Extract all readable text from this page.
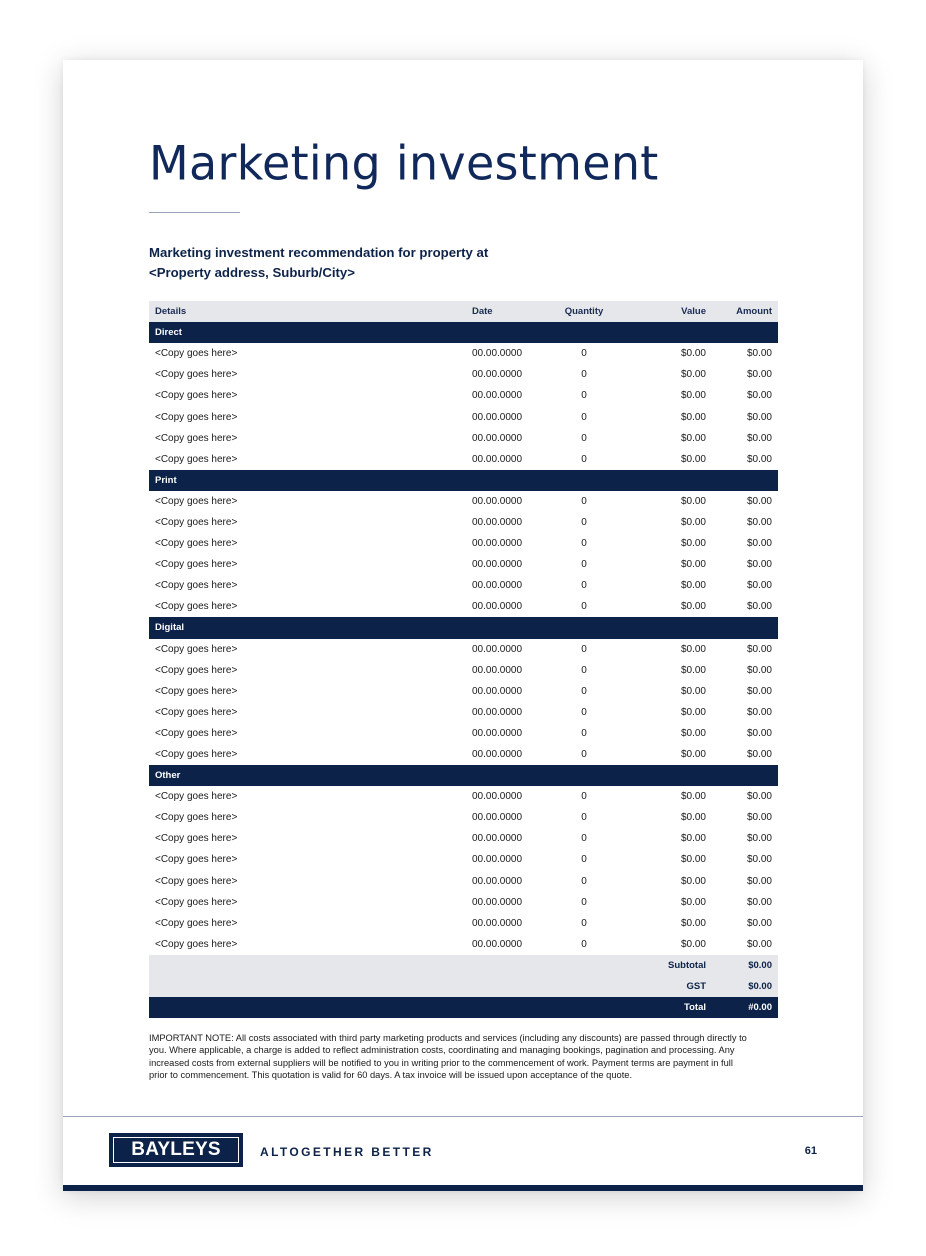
Marketing investment
Marketing investment recommendation for property at
<Property address, Suburb/City>
Details	Date	Quantity	Value	Amount
Direct				
<Copy goes here>	00.00.0000	0	$0.00	$0.00
<Copy goes here>	00.00.0000	0	$0.00	$0.00
<Copy goes here>	00.00.0000	0	$0.00	$0.00
<Copy goes here>	00.00.0000	0	$0.00	$0.00
<Copy goes here>	00.00.0000	0	$0.00	$0.00
<Copy goes here>	00.00.0000	0	$0.00	$0.00
Print				
<Copy goes here>	00.00.0000	0	$0.00	$0.00
<Copy goes here>	00.00.0000	0	$0.00	$0.00
<Copy goes here>	00.00.0000	0	$0.00	$0.00
<Copy goes here>	00.00.0000	0	$0.00	$0.00
<Copy goes here>	00.00.0000	0	$0.00	$0.00
<Copy goes here>	00.00.0000	0	$0.00	$0.00
Digital				
<Copy goes here>	00.00.0000	0	$0.00	$0.00
<Copy goes here>	00.00.0000	0	$0.00	$0.00
<Copy goes here>	00.00.0000	0	$0.00	$0.00
<Copy goes here>	00.00.0000	0	$0.00	$0.00
<Copy goes here>	00.00.0000	0	$0.00	$0.00
<Copy goes here>	00.00.0000	0	$0.00	$0.00
Other				
<Copy goes here>	00.00.0000	0	$0.00	$0.00
<Copy goes here>	00.00.0000	0	$0.00	$0.00
<Copy goes here>	00.00.0000	0	$0.00	$0.00
<Copy goes here>	00.00.0000	0	$0.00	$0.00
<Copy goes here>	00.00.0000	0	$0.00	$0.00
<Copy goes here>	00.00.0000	0	$0.00	$0.00
<Copy goes here>	00.00.0000	0	$0.00	$0.00
<Copy goes here>	00.00.0000	0	$0.00	$0.00
			Subtotal	$0.00
			GST	$0.00
			Total	#0.00
IMPORTANT NOTE: All costs associated with third party marketing products and services (including any discounts) are passed through directly to you. Where applicable, a charge is added to reflect administration costs, coordinating and managing bookings, pagination and processing. Any increased costs from external suppliers will be notified to you in writing prior to the commencement of work. Payment terms are payment in full prior to commencement. This quotation is valid for 60 days. A tax invoice will be issued upon acceptance of the quote.
BAYLEYS	ALTOGETHER BETTER	61
